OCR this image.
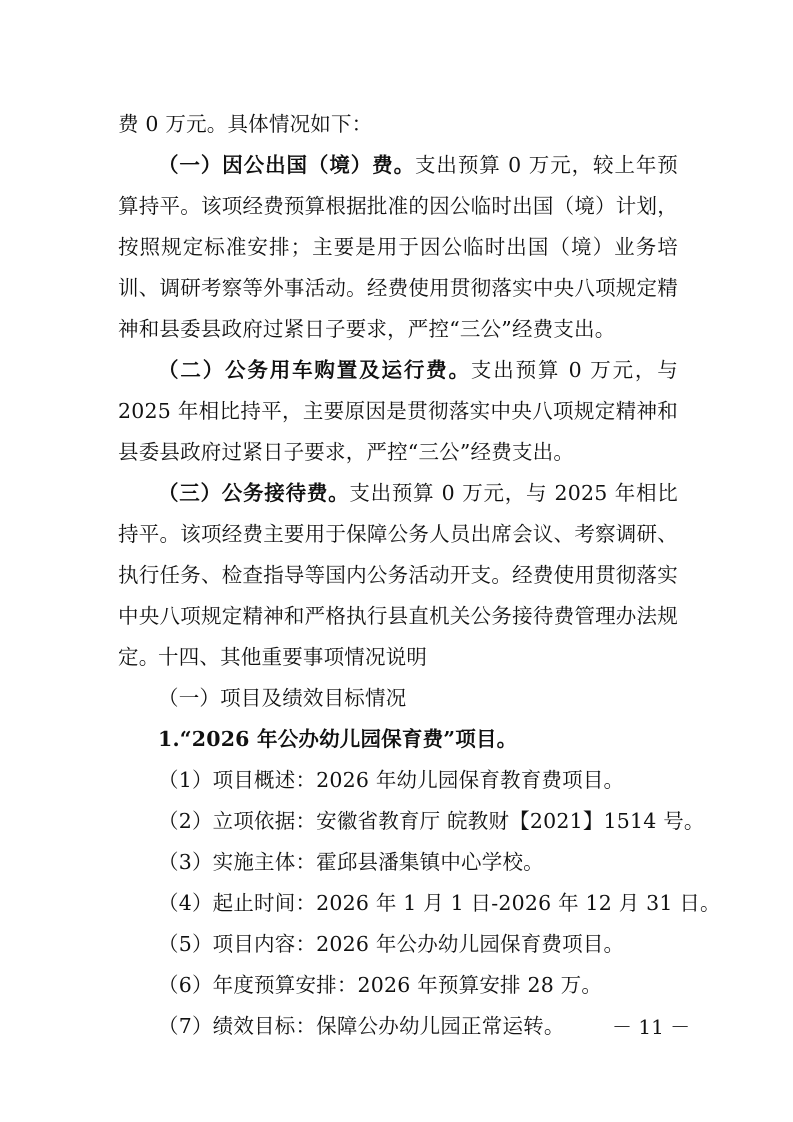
费 0 万元。具体情况如下：
（一）因公出国（境）费。支出预算 0 万元，较上年预算持平。该项经费预算根据批准的因公临时出国（境）计划，按照规定标准安排；主要是用于因公临时出国（境）业务培训、调研考察等外事活动。经费使用贯彻落实中央八项规定精神和县委县政府过紧日子要求，严控“三公”经费支出。
（二）公务用车购置及运行费。支出预算 0 万元，与 2025 年相比持平，主要原因是贯彻落实中央八项规定精神和县委县政府过紧日子要求，严控“三公”经费支出。
（三）公务接待费。支出预算 0 万元，与 2025 年相比持平。该项经费主要用于保障公务人员出席会议、考察调研、执行任务、检查指导等国内公务活动开支。经费使用贯彻落实中央八项规定精神和严格执行县直机关公务接待费管理办法规定。
十四、其他重要事项情况说明
（一）项目及绩效目标情况
1.“2026 年公办幼儿园保育费”项目。
（1）项目概述：2026 年幼儿园保育教育费项目。
（2）立项依据：安徽省教育厅 皖教财【2021】1514 号。
（3）实施主体：霍邱县潘集镇中心学校。
（4）起止时间：2026 年 1 月 1 日-2026 年 12 月 31 日。
（5）项目内容：2026 年公办幼儿园保育费项目。
（6）年度预算安排：2026 年预算安排 28 万。
（7）绩效目标：保障公办幼儿园正常运转。 － 11 －
